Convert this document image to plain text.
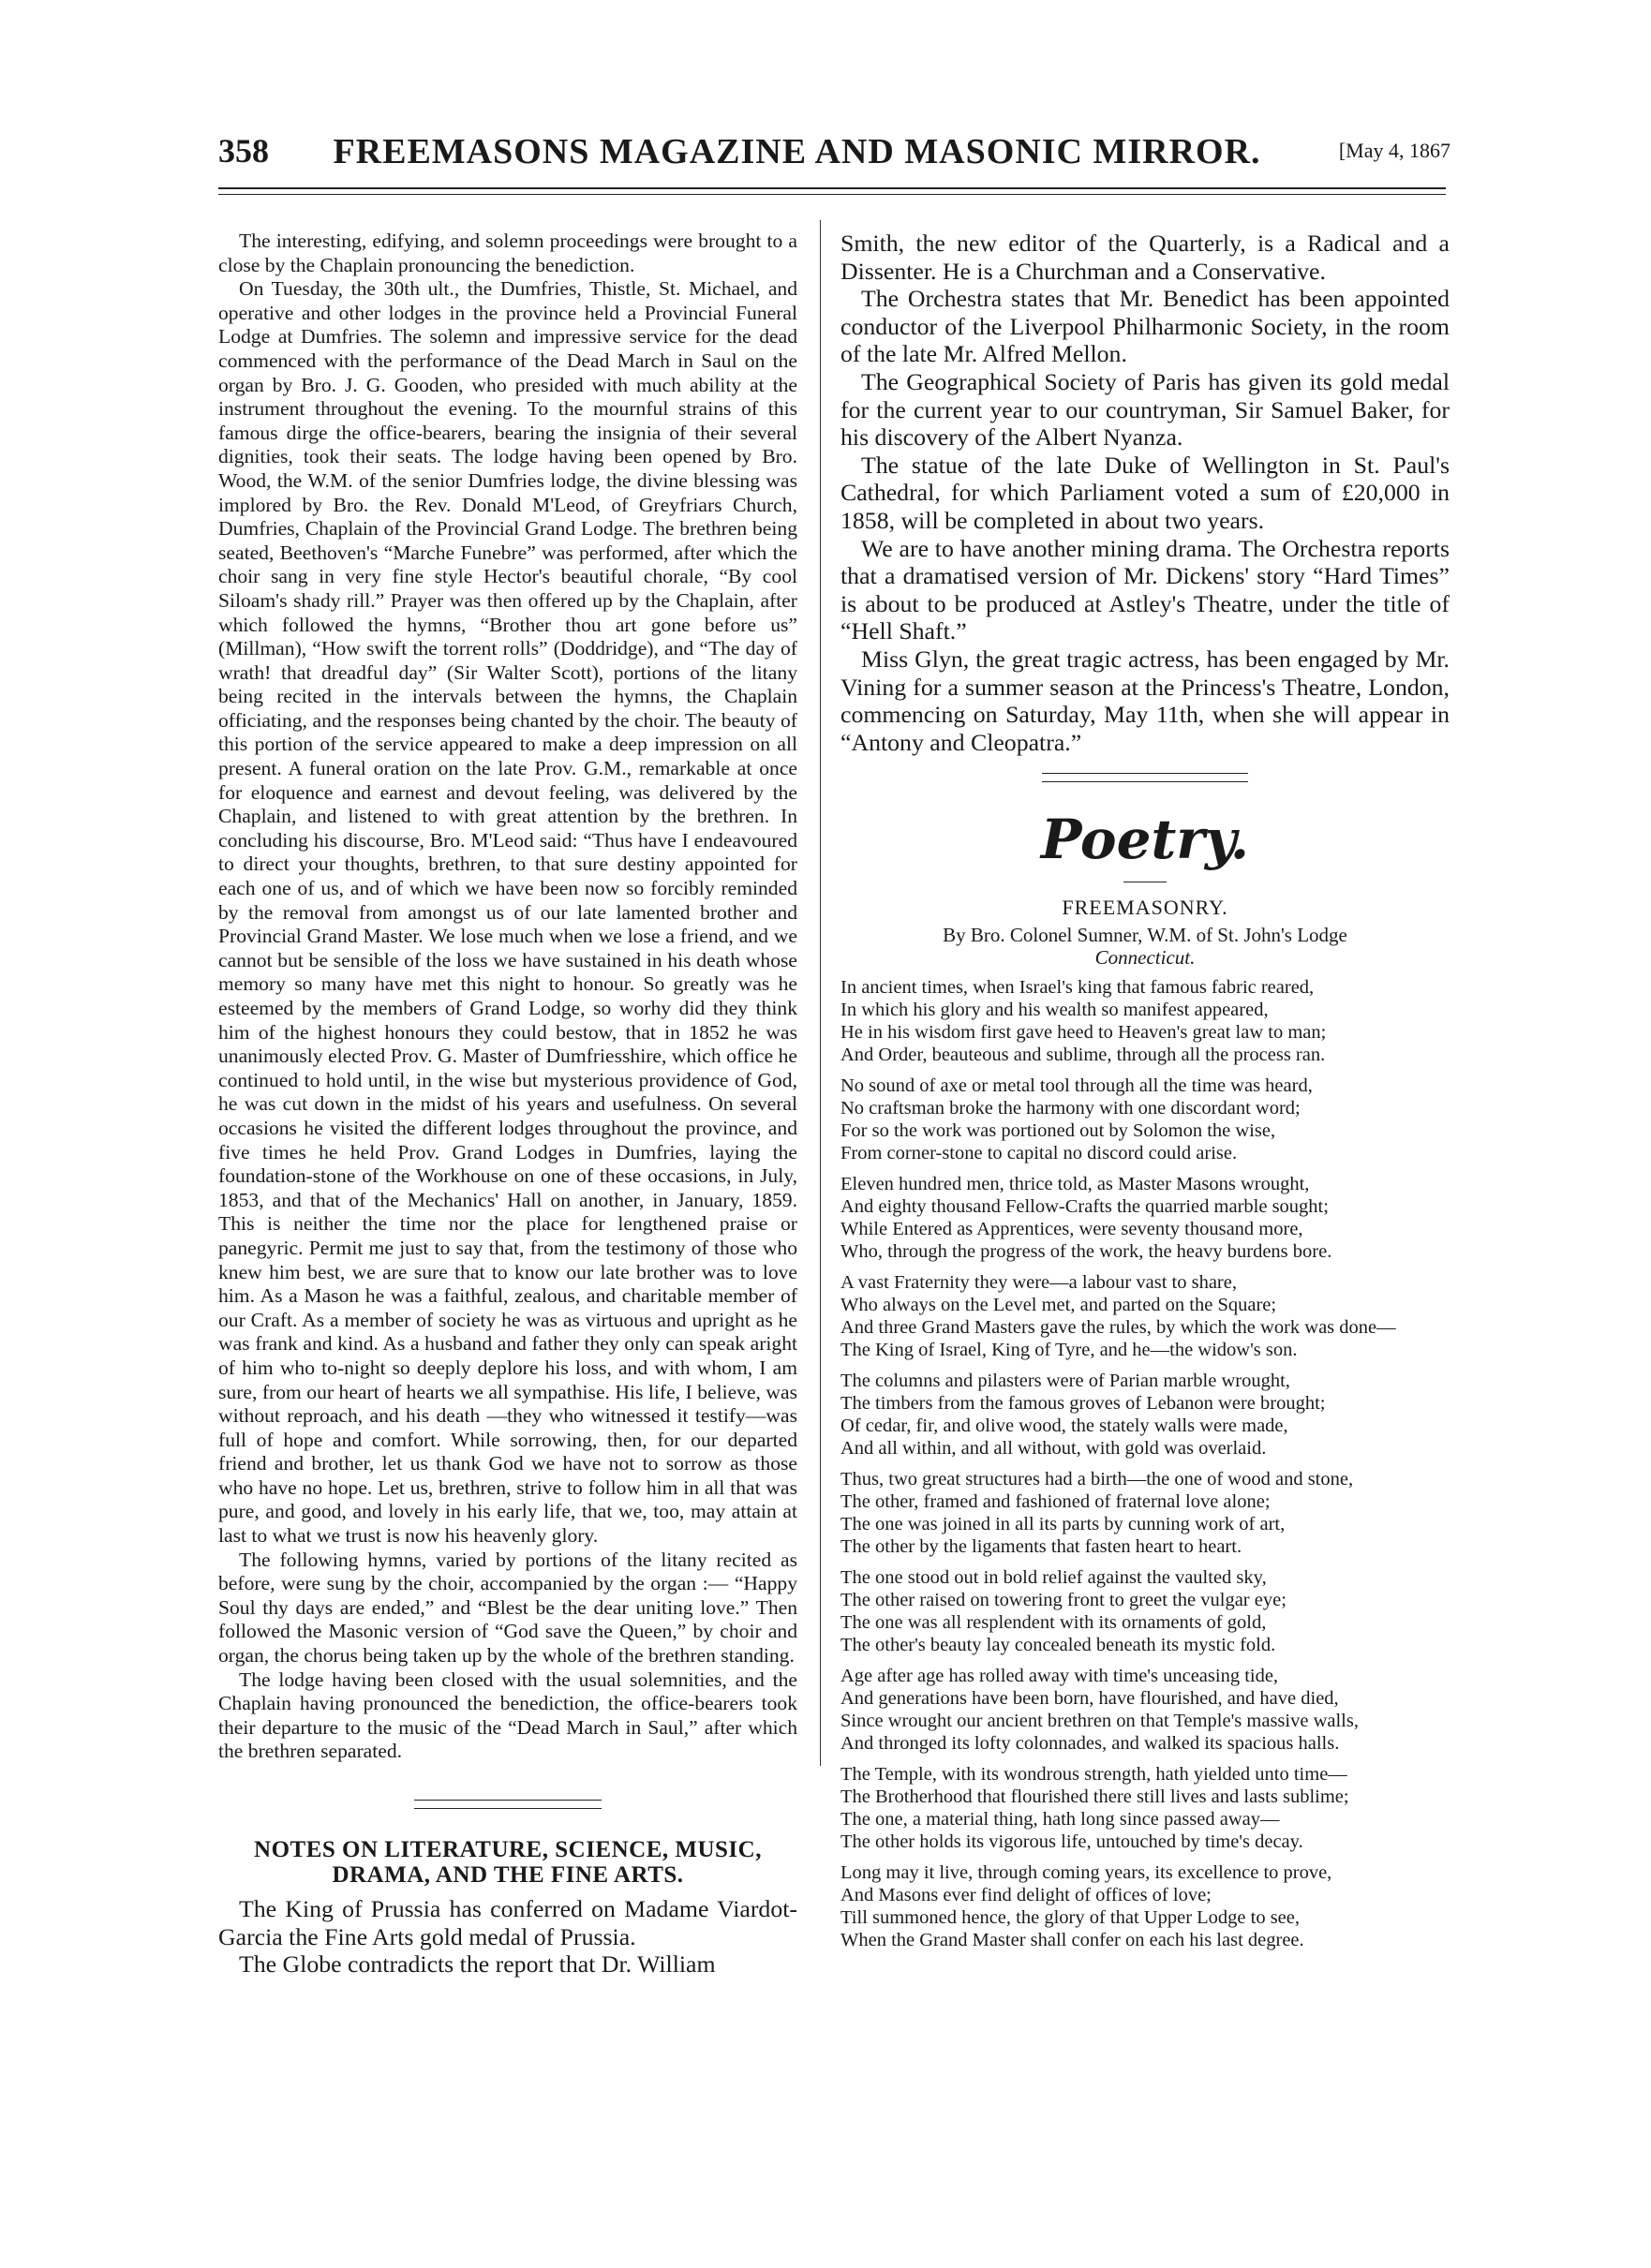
358	FREEMASONS MAGAZINE AND MASONIC MIRROR.	[May 4, 1867

The interesting, edifying, and solemn proceedings were brought to a close by the Chaplain pronouncing the benediction.

On Tuesday, the 30th ult., the Dumfries, Thistle, St. Michael, and operative and other lodges in the province held a Provincial Funeral Lodge at Dumfries. The solemn and impressive service for the dead commenced with the performance of the Dead March in Saul on the organ by Bro. J. G. Gooden, who presided with much ability at the instrument throughout the evening. To the mournful strains of this famous dirge the office-bearers, bearing the insignia of their several dignities, took their seats. The lodge having been opened by Bro. Wood, the W.M. of the senior Dumfries lodge, the divine blessing was implored by Bro. the Rev. Donald M'Leod, of Greyfriars Church, Dumfries, Chaplain of the Provincial Grand Lodge. The brethren being seated, Beethoven's “Marche Funebre” was performed, after which the choir sang in very fine style Hector's beautiful chorale, “By cool Siloam's shady rill.” Prayer was then offered up by the Chaplain, after which followed the hymns, “Brother thou art gone before us” (Millman), “How swift the torrent rolls” (Doddridge), and “The day of wrath! that dreadful day” (Sir Walter Scott), portions of the litany being recited in the intervals between the hymns, the Chaplain officiating, and the responses being chanted by the choir. The beauty of this portion of the service appeared to make a deep impression on all present. A funeral oration on the late Prov. G.M., remarkable at once for eloquence and earnest and devout feeling, was delivered by the Chaplain, and listened to with great attention by the brethren. In concluding his discourse, Bro. M'Leod said: “Thus have I endeavoured to direct your thoughts, brethren, to that sure destiny appointed for each one of us, and of which we have been now so forcibly reminded by the removal from amongst us of our late lamented brother and Provincial Grand Master. We lose much when we lose a friend, and we cannot but be sensible of the loss we have sustained in his death whose memory so many have met this night to honour. So greatly was he esteemed by the members of Grand Lodge, so worhy did they think him of the highest honours they could bestow, that in 1852 he was unanimously elected Prov. G. Master of Dumfriesshire, which office he continued to hold until, in the wise but mysterious providence of God, he was cut down in the midst of his years and usefulness. On several occasions he visited the different lodges throughout the province, and five times he held Prov. Grand Lodges in Dumfries, laying the foundation-stone of the Workhouse on one of these occasions, in July, 1853, and that of the Mechanics' Hall on another, in January, 1859. This is neither the time nor the place for lengthened praise or panegyric. Permit me just to say that, from the testimony of those who knew him best, we are sure that to know our late brother was to love him. As a Mason he was a faithful, zealous, and charitable member of our Craft. As a member of society he was as virtuous and upright as he was frank and kind. As a husband and father they only can speak aright of him who to-night so deeply deplore his loss, and with whom, I am sure, from our heart of hearts we all sympathise. His life, I believe, was without reproach, and his death —they who witnessed it testify—was full of hope and comfort. While sorrowing, then, for our departed friend and brother, let us thank God we have not to sorrow as those who have no hope. Let us, brethren, strive to follow him in all that was pure, and good, and lovely in his early life, that we, too, may attain at last to what we trust is now his heavenly glory.

The following hymns, varied by portions of the litany recited as before, were sung by the choir, accompanied by the organ :— “Happy Soul thy days are ended,” and “Blest be the dear uniting love.” Then followed the Masonic version of “God save the Queen,” by choir and organ, the chorus being taken up by the whole of the brethren standing.

The lodge having been closed with the usual solemnities, and the Chaplain having pronounced the benediction, the office-bearers took their departure to the music of the “Dead March in Saul,” after which the brethren separated.

NOTES ON LITERATURE, SCIENCE, MUSIC, DRAMA, AND THE FINE ARTS.

The King of Prussia has conferred on Madame Viardot-Garcia the Fine Arts gold medal of Prussia.

The Globe contradicts the report that Dr. William

Smith, the new editor of the Quarterly, is a Radical and a Dissenter. He is a Churchman and a Conservative.

The Orchestra states that Mr. Benedict has been appointed conductor of the Liverpool Philharmonic Society, in the room of the late Mr. Alfred Mellon.

The Geographical Society of Paris has given its gold medal for the current year to our countryman, Sir Samuel Baker, for his discovery of the Albert Nyanza.

The statue of the late Duke of Wellington in St. Paul's Cathedral, for which Parliament voted a sum of £20,000 in 1858, will be completed in about two years.

We are to have another mining drama. The Orchestra reports that a dramatised version of Mr. Dickens' story “Hard Times” is about to be produced at Astley's Theatre, under the title of “Hell Shaft.”

Miss Glyn, the great tragic actress, has been engaged by Mr. Vining for a summer season at the Princess's Theatre, London, commencing on Saturday, May 11th, when she will appear in “Antony and Cleopatra.”

Poetry.

FREEMASONRY.

By Bro. Colonel Sumner, W.M. of St. John's Lodge

Connecticut.

In ancient times, when Israel's king that famous fabric reared,

In which his glory and his wealth so manifest appeared,

He in his wisdom first gave heed to Heaven's great law to man;

And Order, beauteous and sublime, through all the process ran.

No sound of axe or metal tool through all the time was heard,

No craftsman broke the harmony with one discordant word;

For so the work was portioned out by Solomon the wise,

From corner-stone to capital no discord could arise.

Eleven hundred men, thrice told, as Master Masons wrought,

And eighty thousand Fellow-Crafts the quarried marble sought;

While Entered as Apprentices, were seventy thousand more,

Who, through the progress of the work, the heavy burdens bore.

A vast Fraternity they were—a labour vast to share,

Who always on the Level met, and parted on the Square;

And three Grand Masters gave the rules, by which the work was done—

The King of Israel, King of Tyre, and he—the widow's son.

The columns and pilasters were of Parian marble wrought,

The timbers from the famous groves of Lebanon were brought;

Of cedar, fir, and olive wood, the stately walls were made,

And all within, and all without, with gold was overlaid.

Thus, two great structures had a birth—the one of wood and stone,

The other, framed and fashioned of fraternal love alone;

The one was joined in all its parts by cunning work of art,

The other by the ligaments that fasten heart to heart.

The one stood out in bold relief against the vaulted sky,

The other raised on towering front to greet the vulgar eye;

The one was all resplendent with its ornaments of gold,

The other's beauty lay concealed beneath its mystic fold.

Age after age has rolled away with time's unceasing tide,

And generations have been born, have flourished, and have died,

Since wrought our ancient brethren on that Temple's massive walls,

And thronged its lofty colonnades, and walked its spacious halls.

The Temple, with its wondrous strength, hath yielded unto time—

The Brotherhood that flourished there still lives and lasts sublime;

The one, a material thing, hath long since passed away—

The other holds its vigorous life, untouched by time's decay.

Long may it live, through coming years, its excellence to prove,

And Masons ever find delight of offices of love;

Till summoned hence, the glory of that Upper Lodge to see,

When the Grand Master shall confer on each his last degree.
